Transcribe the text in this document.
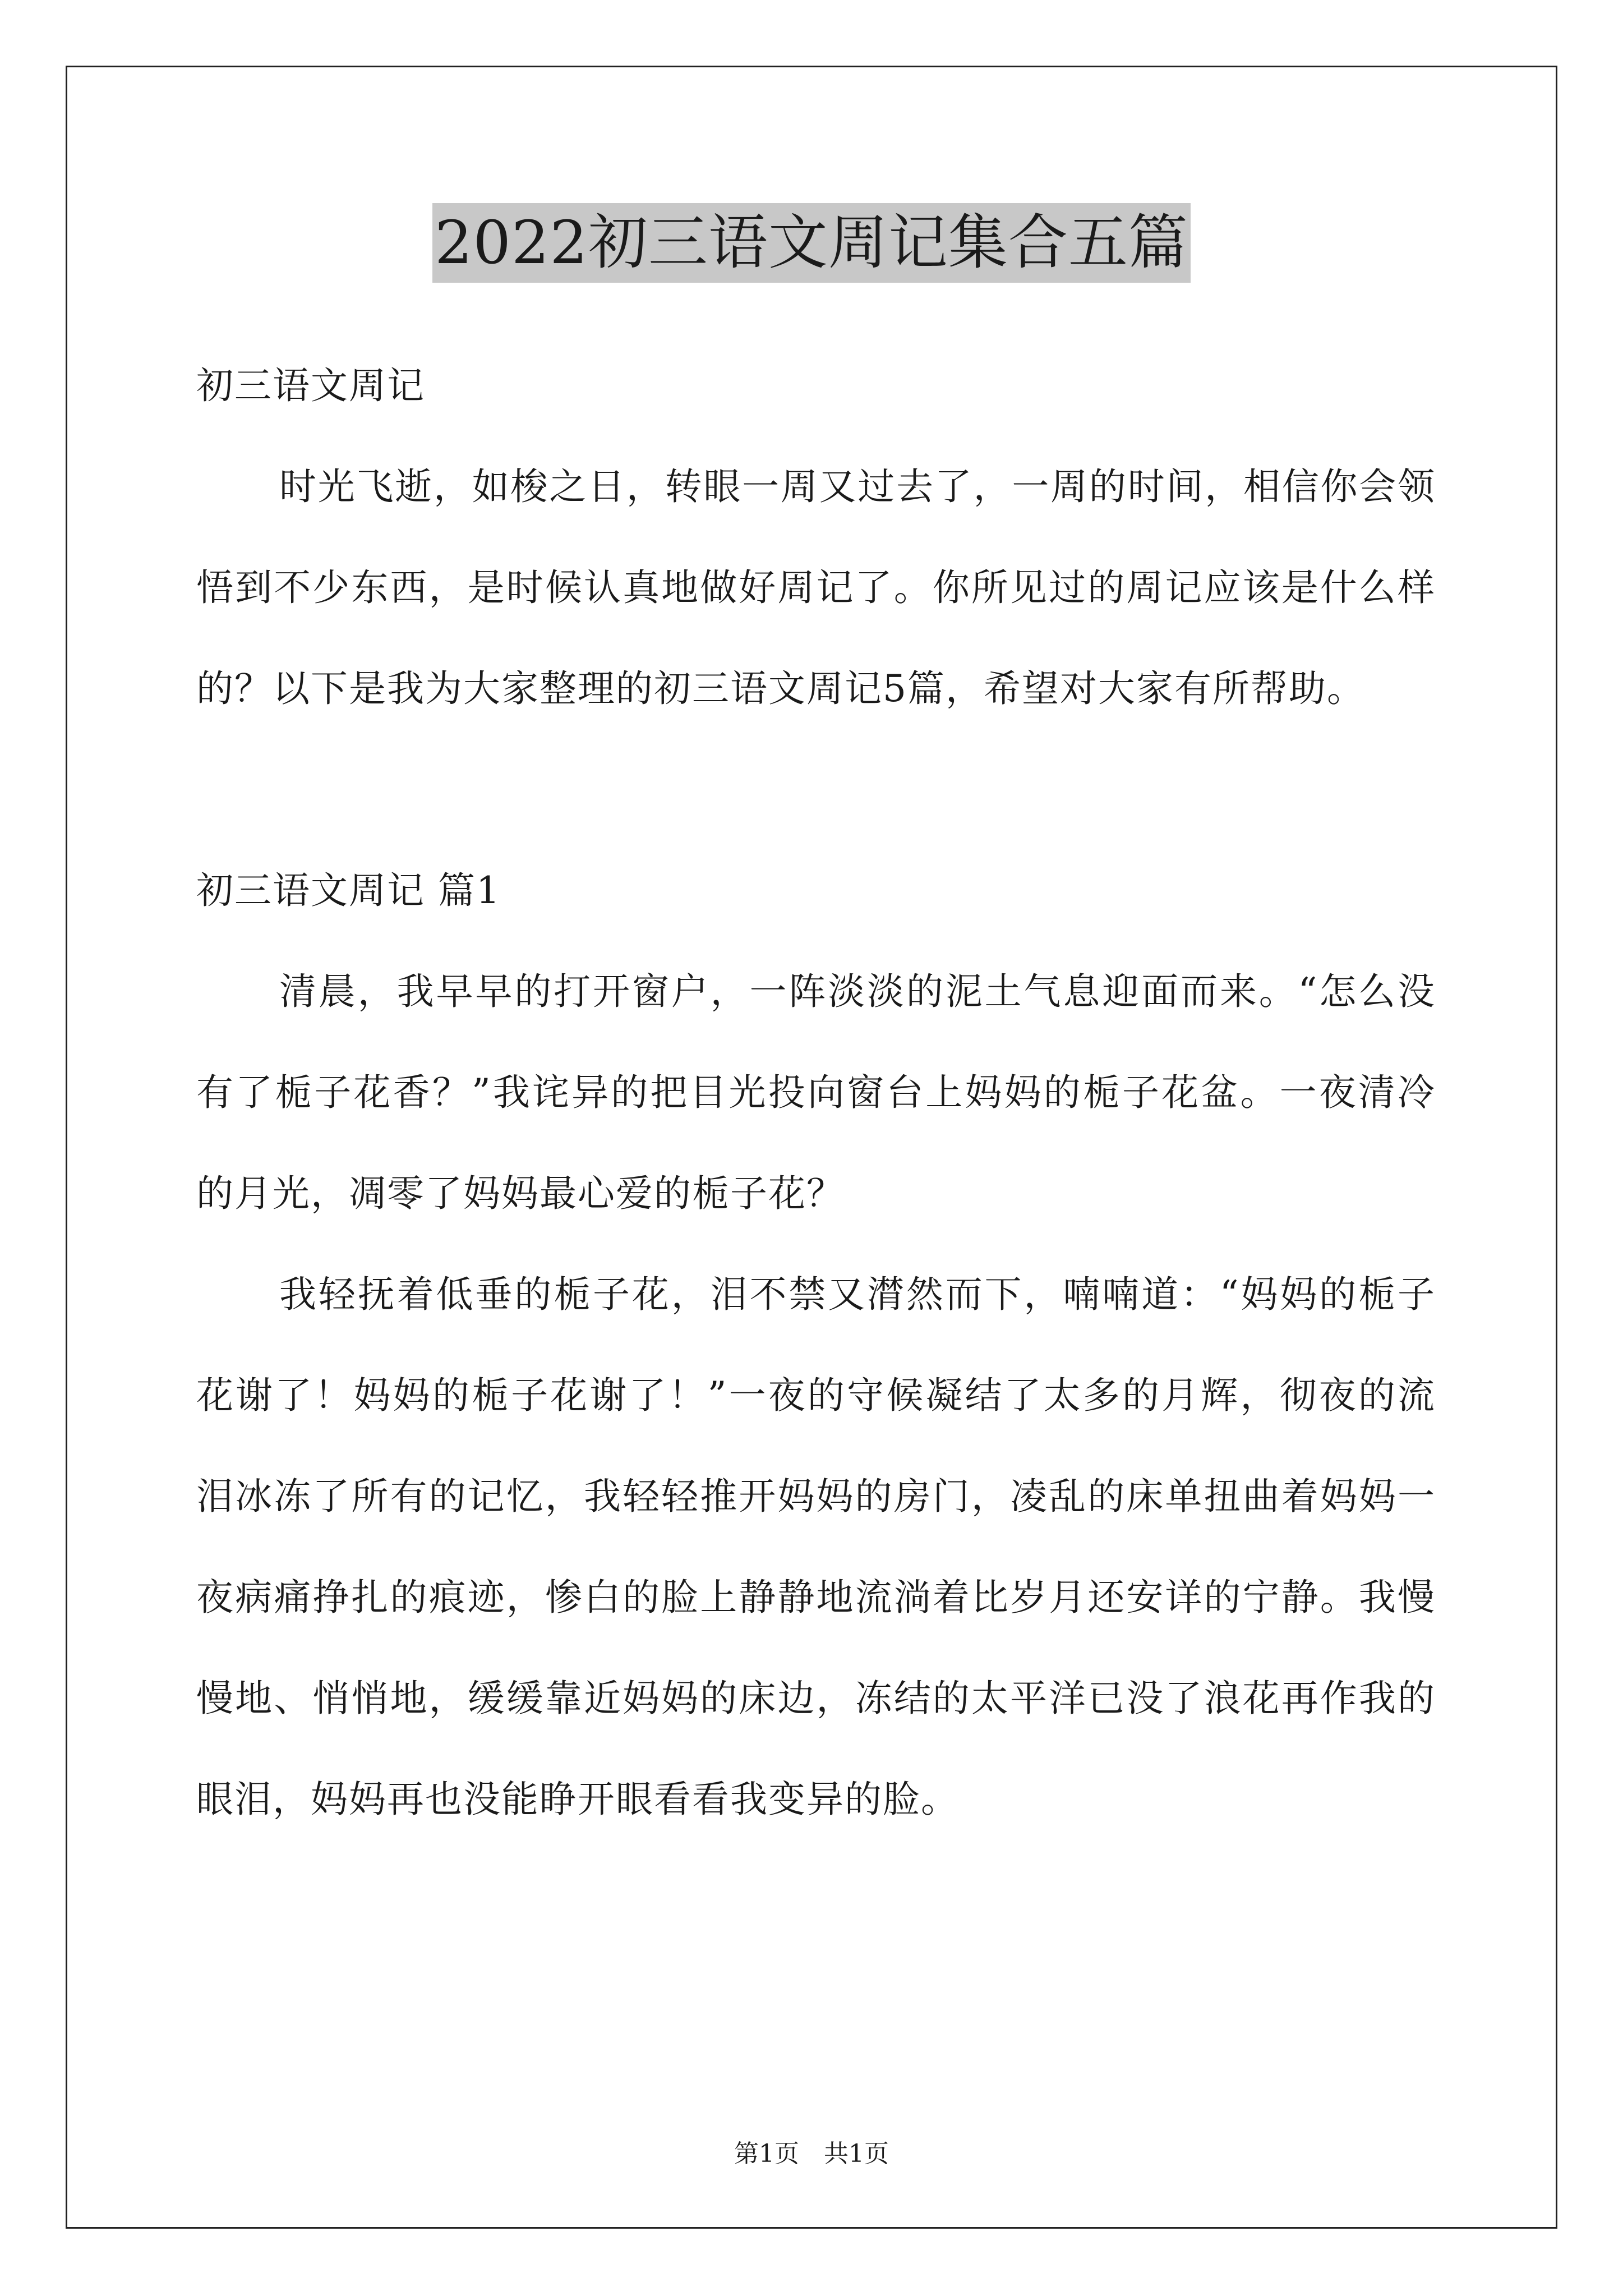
2022初三语文周记集合五篇

初三语文周记

时光飞逝，如梭之日，转眼一周又过去了，一周的时间，相信你会领悟到不少东西，是时候认真地做好周记了。你所见过的周记应该是什么样的？以下是我为大家整理的初三语文周记5篇，希望对大家有所帮助。

初三语文周记 篇1

清晨，我早早的打开窗户，一阵淡淡的泥土气息迎面而来。“怎么没有了栀子花香？”我诧异的把目光投向窗台上妈妈的栀子花盆。一夜清冷的月光，凋零了妈妈最心爱的栀子花？

我轻抚着低垂的栀子花，泪不禁又潸然而下，喃喃道：“妈妈的栀子花谢了！妈妈的栀子花谢了！”一夜的守候凝结了太多的月辉，彻夜的流泪冰冻了所有的记忆，我轻轻推开妈妈的房门，凌乱的床单扭曲着妈妈一夜病痛挣扎的痕迹，惨白的脸上静静地流淌着比岁月还安详的宁静。我慢慢地、悄悄地，缓缓靠近妈妈的床边，冻结的太平洋已没了浪花再作我的眼泪，妈妈再也没能睁开眼看看我变异的脸。

第1页　共1页
